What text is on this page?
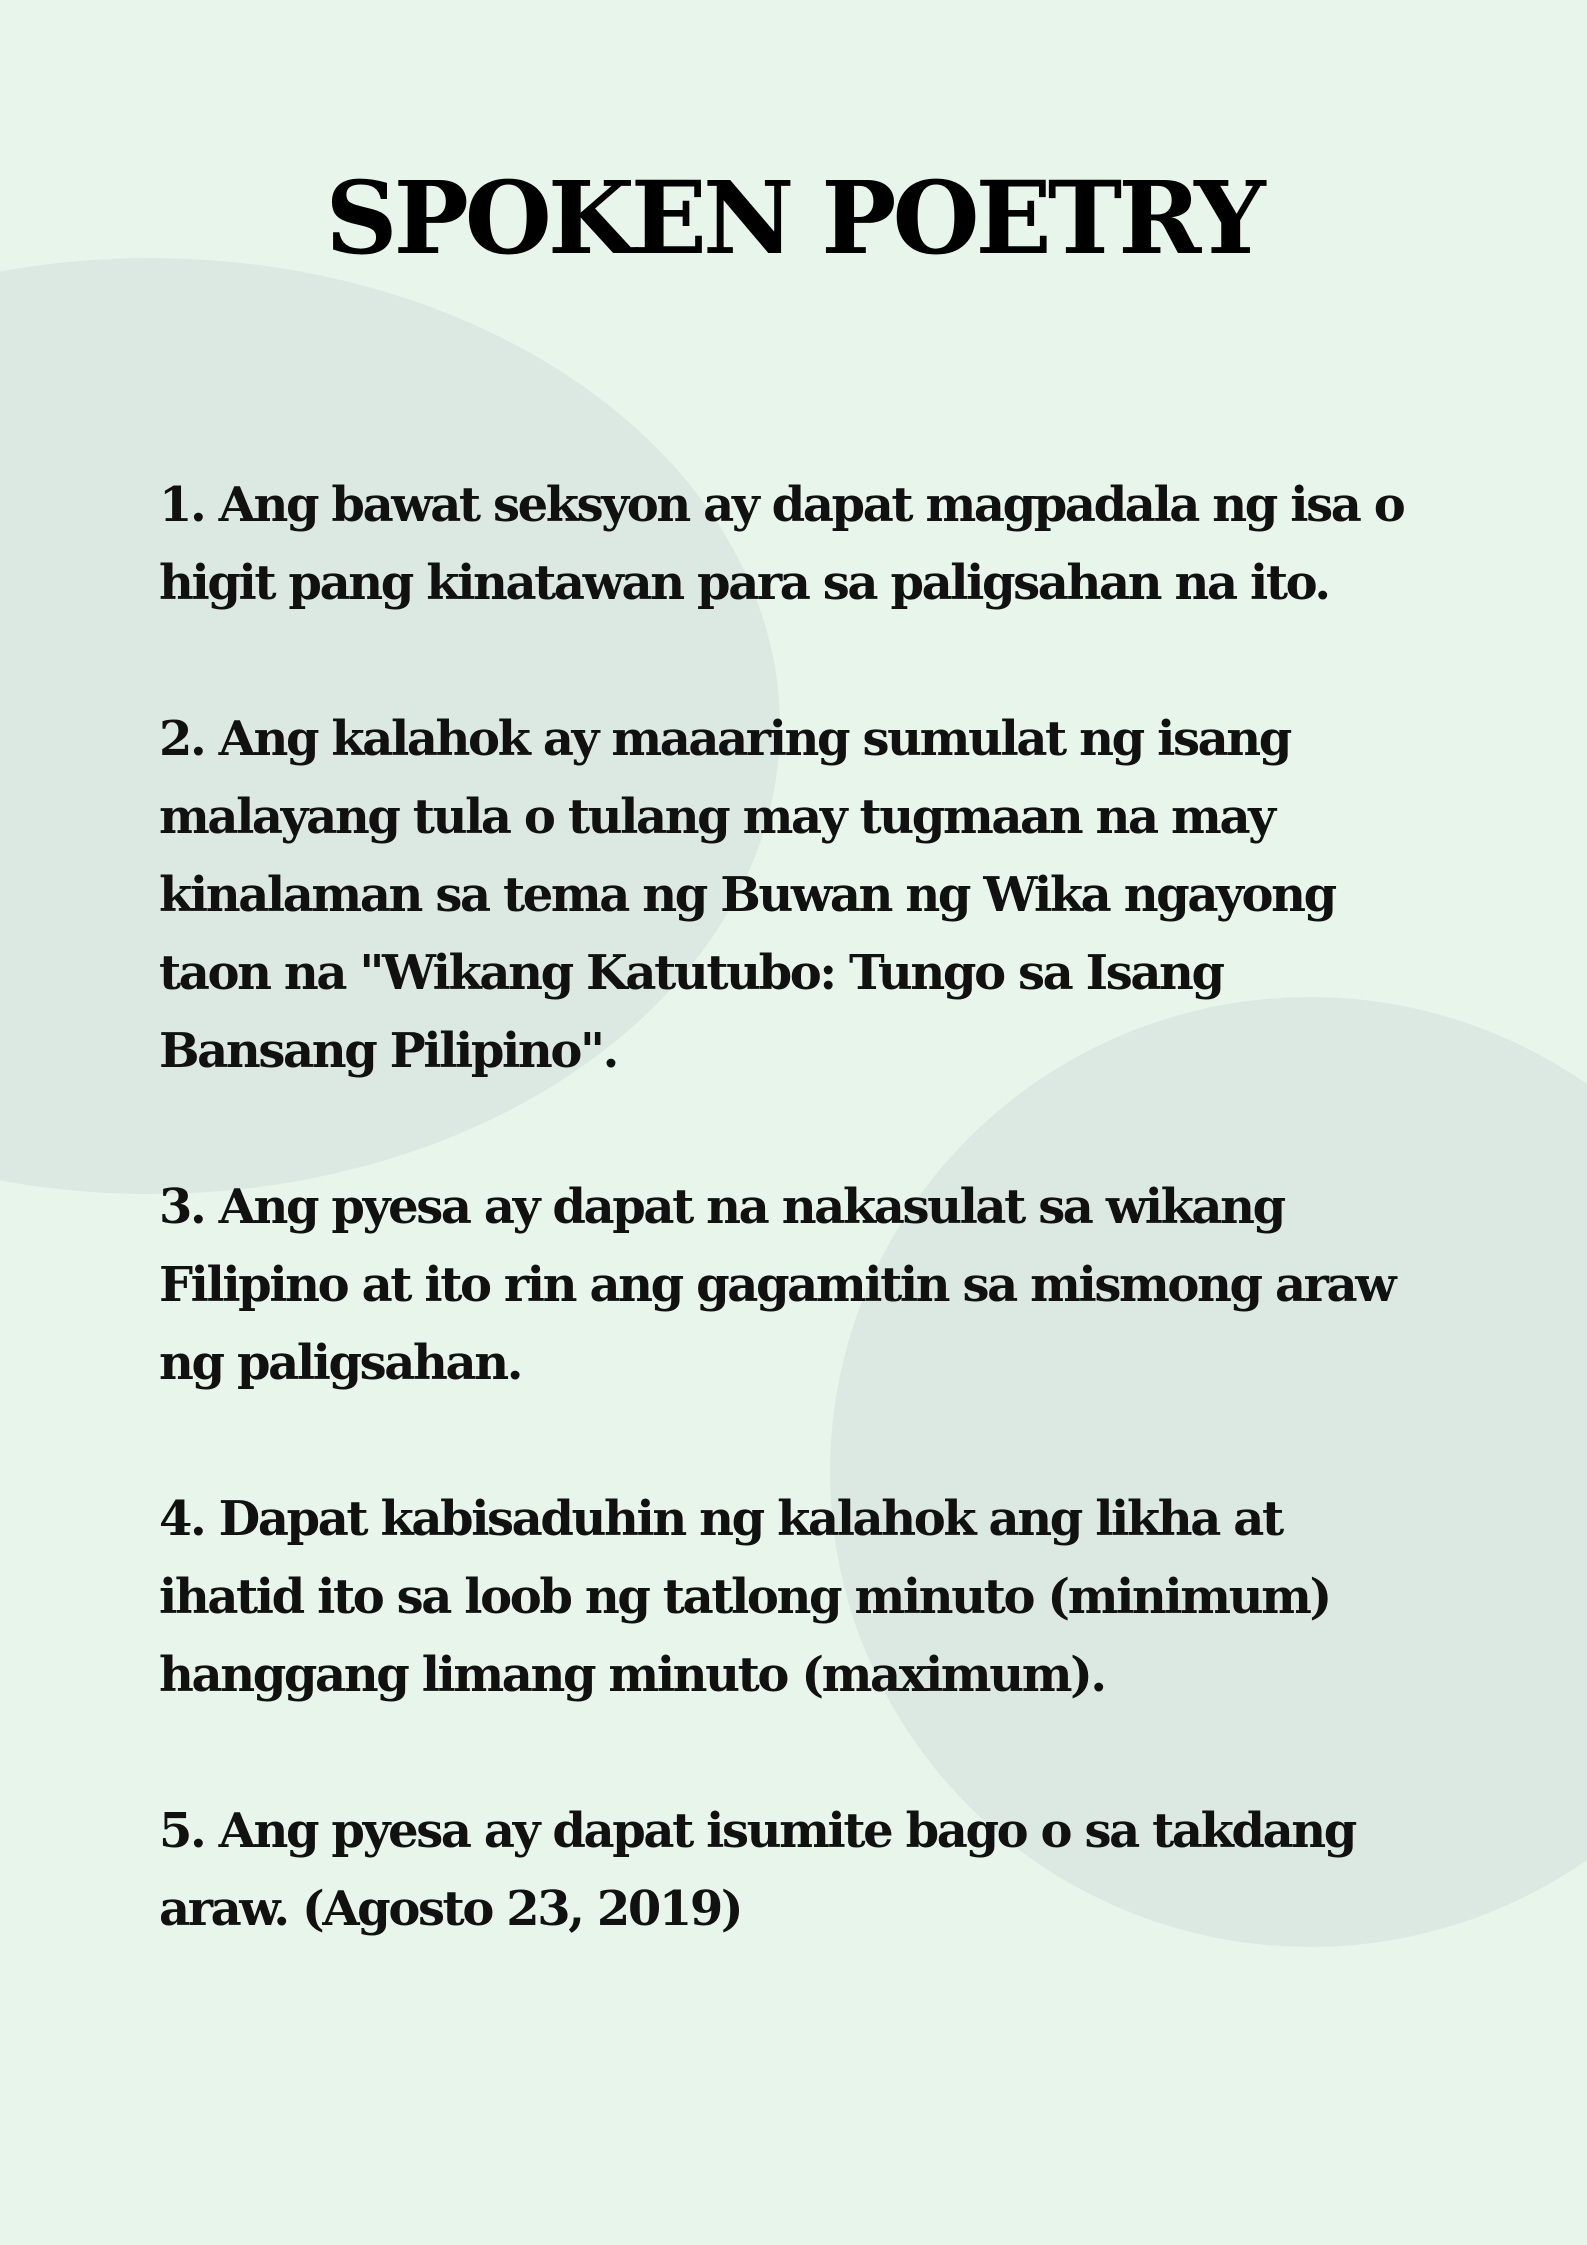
SPOKEN POETRY
1. Ang bawat seksyon ay dapat magpadala ng isa o
higit pang kinatawan para sa paligsahan na ito.
2. Ang kalahok ay maaaring sumulat ng isang
malayang tula o tulang may tugmaan na may
kinalaman sa tema ng Buwan ng Wika ngayong
taon na "Wikang Katutubo: Tungo sa Isang
Bansang Pilipino".
3. Ang pyesa ay dapat na nakasulat sa wikang
Filipino at ito rin ang gagamitin sa mismong araw
ng paligsahan.
4. Dapat kabisaduhin ng kalahok ang likha at
ihatid ito sa loob ng tatlong minuto (minimum)
hanggang limang minuto (maximum).
5. Ang pyesa ay dapat isumite bago o sa takdang
araw. (Agosto 23, 2019)
